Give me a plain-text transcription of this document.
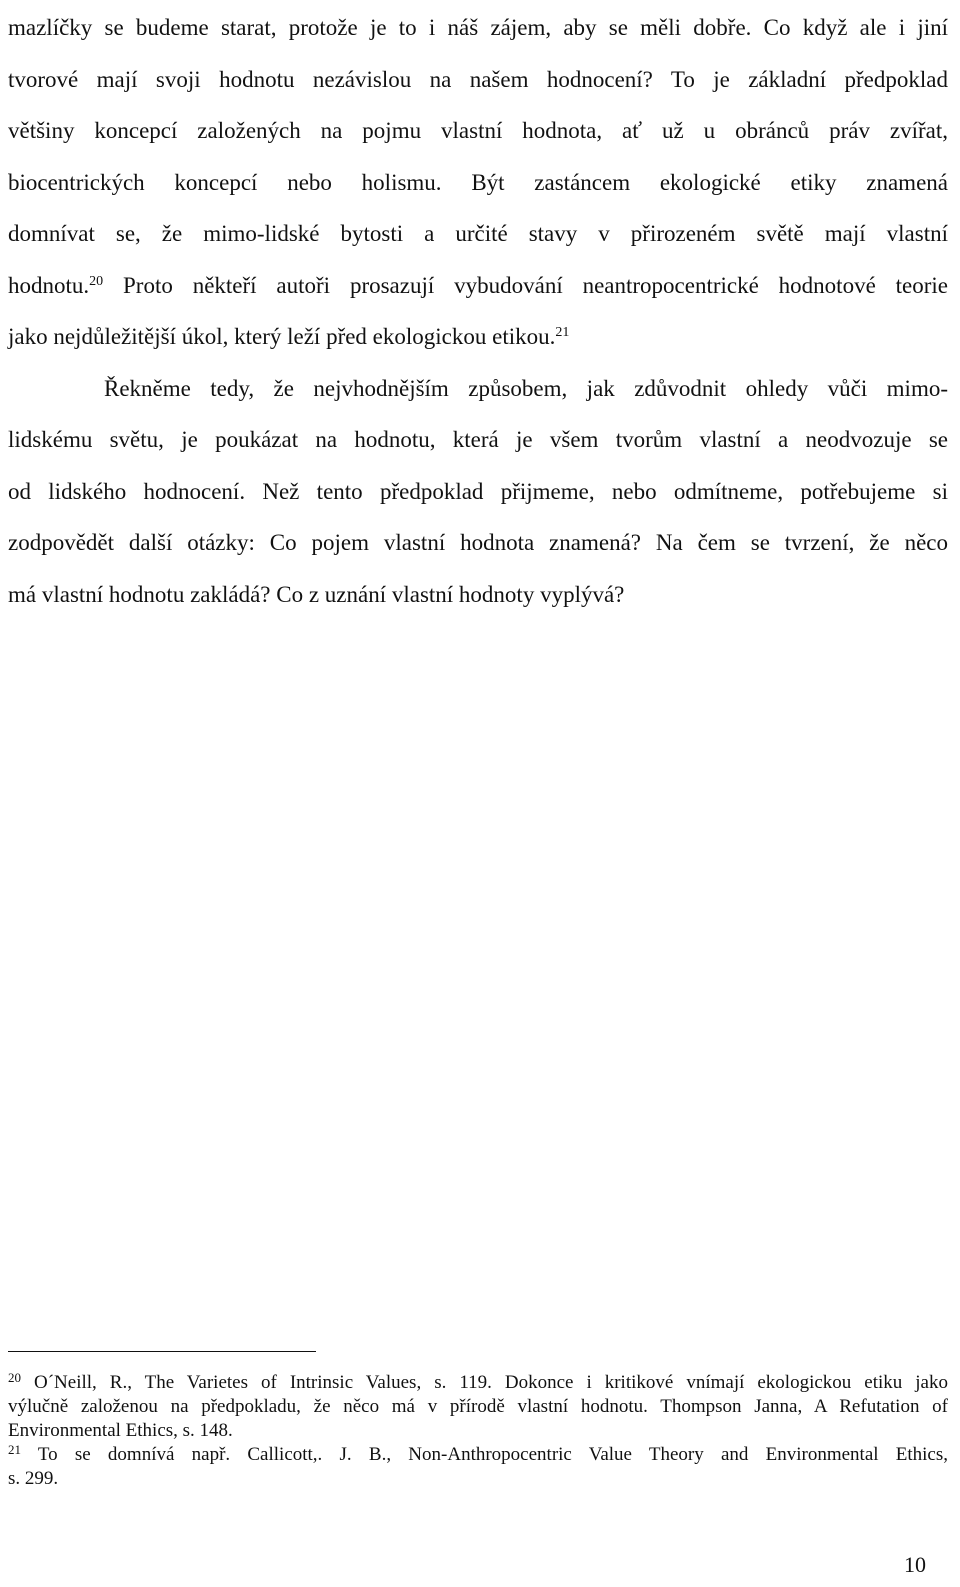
mazlíčky se budeme starat, protože je to i náš zájem, aby se měli dobře. Co když ale i jiní
tvorové mají svoji hodnotu nezávislou na našem hodnocení? To je základní předpoklad
většiny koncepcí založených na pojmu vlastní hodnota, ať už u obránců práv zvířat,
biocentrických koncepcí nebo holismu. Být zastáncem ekologické etiky znamená
domnívat se, že mimo-lidské bytosti a určité stavy v přirozeném světě mají vlastní
hodnotu.$^{20}$ Proto někteří autoři prosazují vybudování neantropocentrické hodnotové teorie
jako nejdůležitější úkol, který leží před ekologickou etikou.$^{21}$
Řekněme tedy, že nejvhodnějším způsobem, jak zdůvodnit ohledy vůči mimo-
lidskému světu, je poukázat na hodnotu, která je všem tvorům vlastní a neodvozuje se
od lidského hodnocení. Než tento předpoklad přijmeme, nebo odmítneme, potřebujeme si
zodpovědět další otázky: Co pojem vlastní hodnota znamená? Na čem se tvrzení, že něco
má vlastní hodnotu zakládá? Co z uznání vlastní hodnoty vyplývá?
$^{20}$ O´Neill, R., The Varietes of Intrinsic Values, s. 119. Dokonce i kritikové vnímají ekologickou etiku jako
výlučně založenou na předpokladu, že něco má v přírodě vlastní hodnotu. Thompson Janna, A Refutation of
Environmental Ethics, s. 148.
$^{21}$ To se domnívá např. Callicott,. J. B., Non-Anthropocentric Value Theory and Environmental Ethics,
s. 299.
10
